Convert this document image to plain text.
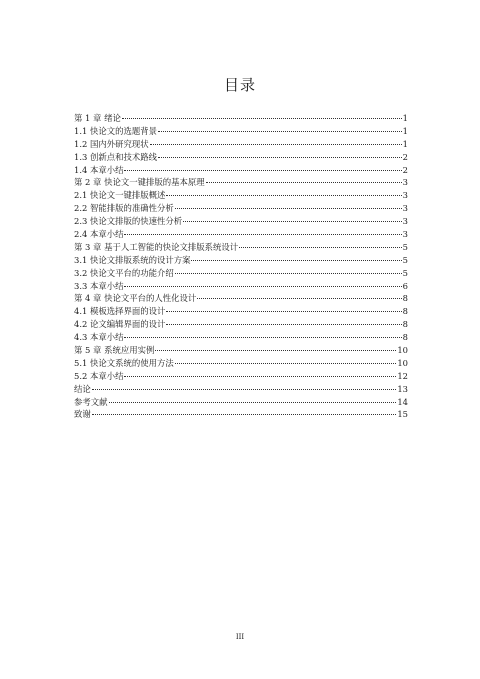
目录
第 1 章 绪论	1
1.1 快论文的选题背景	1
1.2 国内外研究现状	1
1.3 创新点和技术路线	2
1.4 本章小结	2
第 2 章 快论文一键排版的基本原理	3
2.1 快论文一键排版概述	3
2.2 智能排版的准确性分析	3
2.3 快论文排版的快速性分析	3
2.4 本章小结	3
第 3 章 基于人工智能的快论文排版系统设计	5
3.1 快论文排版系统的设计方案	5
3.2 快论文平台的功能介绍	5
3.3 本章小结	6
第 4 章 快论文平台的人性化设计	8
4.1 模板选择界面的设计	8
4.2 论文编辑界面的设计	8
4.3 本章小结	8
第 5 章 系统应用实例	10
5.1 快论文系统的使用方法	10
5.2 本章小结	12
结论	13
参考文献	14
致谢	15
III
